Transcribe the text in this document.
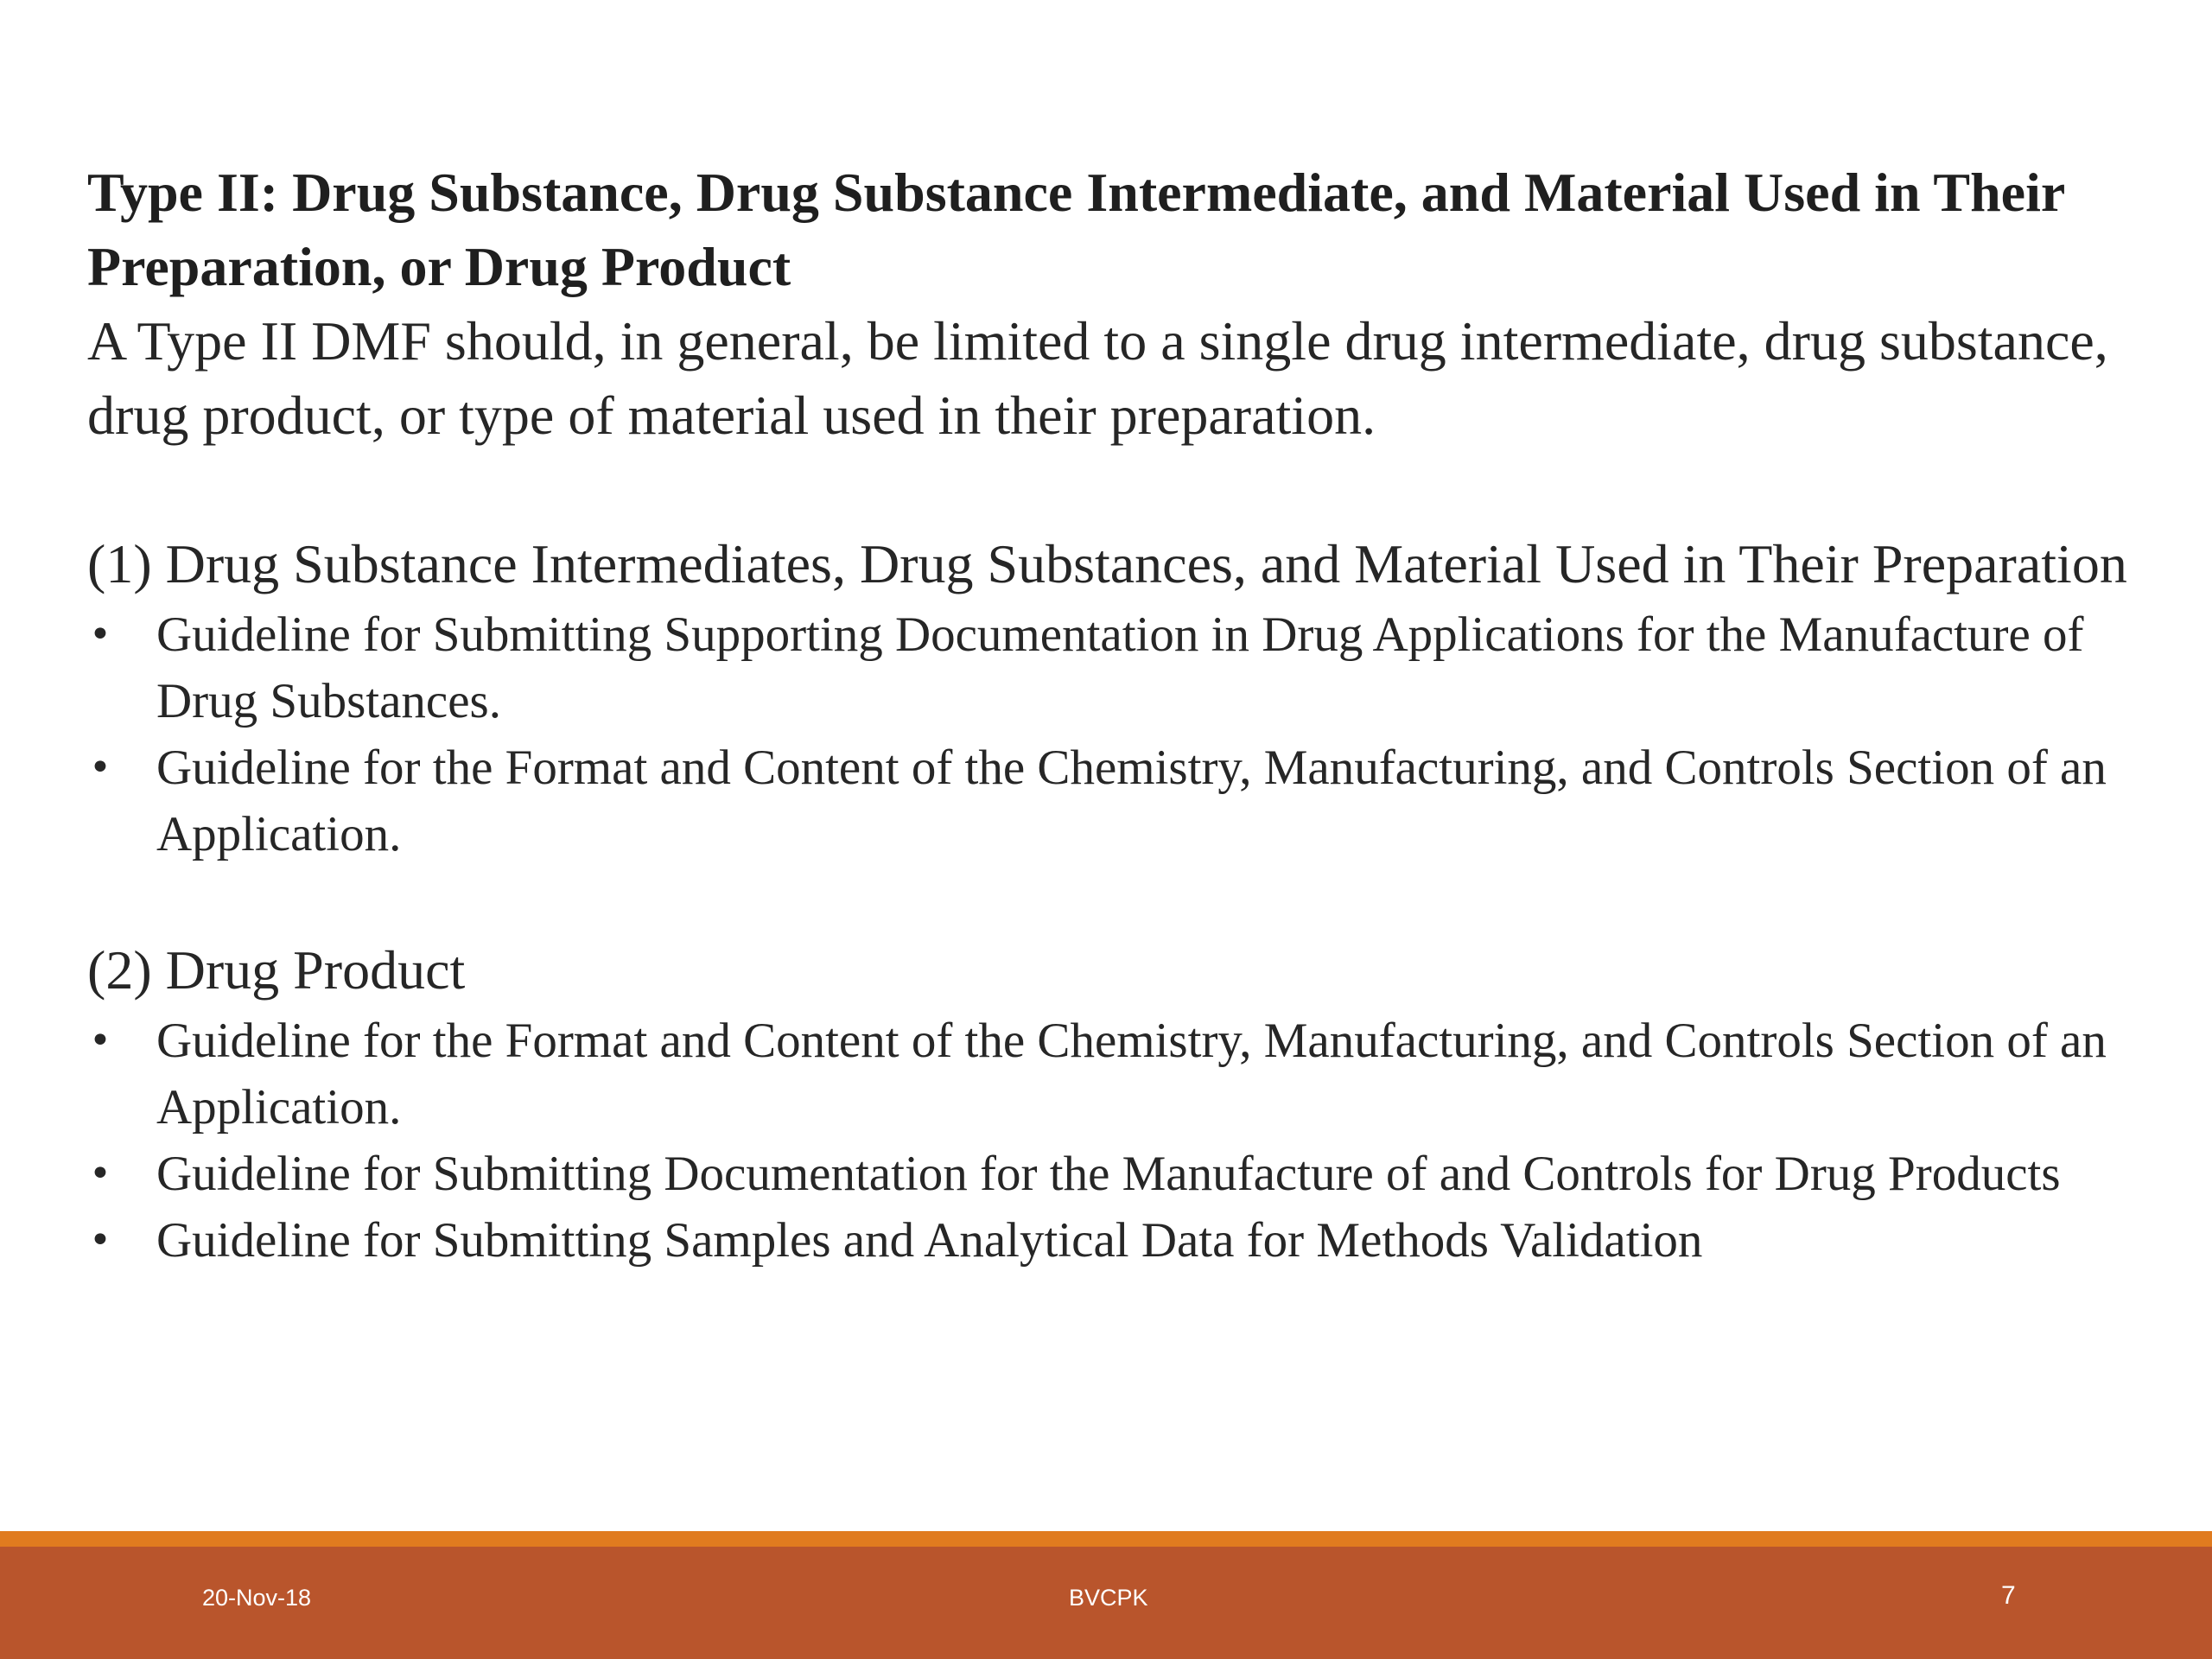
Type II: Drug Substance, Drug Substance Intermediate, and Material Used in Their Preparation, or Drug Product

A Type II DMF should, in general, be limited to a single drug intermediate, drug substance, drug product, or type of material used in their preparation.

(1) Drug Substance Intermediates, Drug Substances, and Material Used in Their Preparation

• Guideline for Submitting Supporting Documentation in Drug Applications for the Manufacture of Drug Substances.
• Guideline for the Format and Content of the Chemistry, Manufacturing, and Controls Section of an Application.

(2) Drug Product

• Guideline for the Format and Content of the Chemistry, Manufacturing, and Controls Section of an Application.
• Guideline for Submitting Documentation for the Manufacture of and Controls for Drug Products
• Guideline for Submitting Samples and Analytical Data for Methods Validation
20-Nov-18	BVCPK	7
